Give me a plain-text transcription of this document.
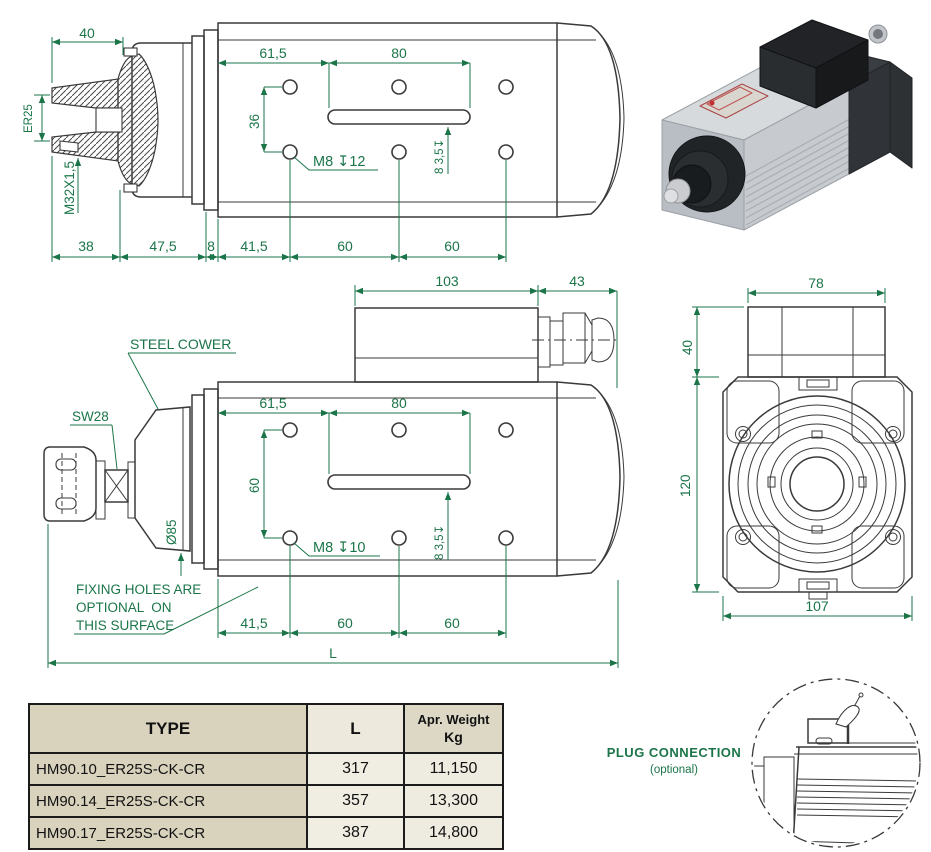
40
ER25
M32X1,5
61,5	80
36
M8 ↧12	8 3,5↧
38	47,5 8 41,5	60	60
103	43
STEEL COWER
SW28
61,5	80
60
Ø85
M8 ↧10	8 3,5↧
FIXING HOLES ARE
OPTIONAL  ON
THIS SURFACE	41,5	60	60
L
78
40
120
107
PLUG CONNECTION
(optional)
TYPE	L	Apr. Weight
Kg

HM90.10_ER25S-CK-CR	317	11,150
HM90.14_ER25S-CK-CR	357	13,300
HM90.17_ER25S-CK-CR	387	14,800
